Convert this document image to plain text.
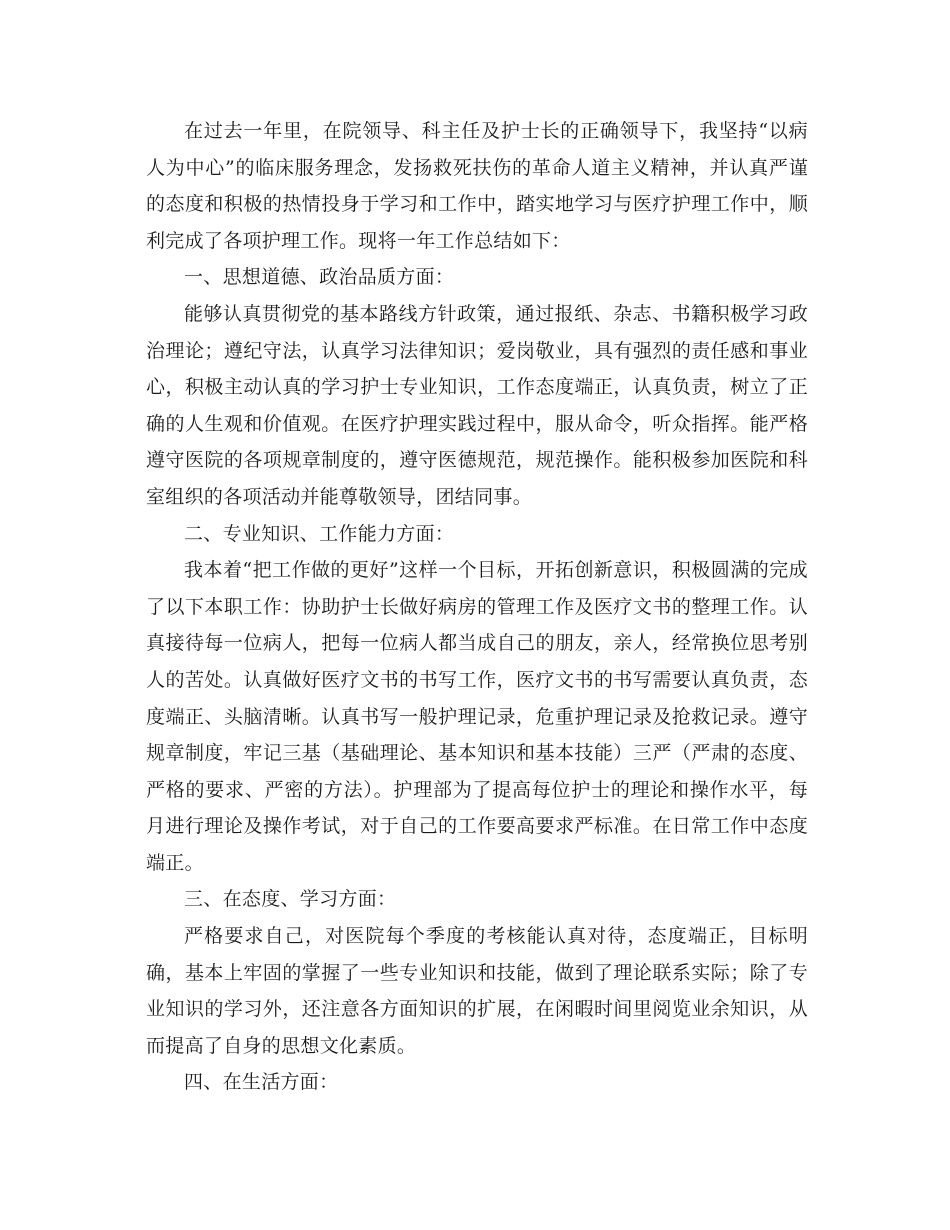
在过去一年里，在院领导、科主任及护士长的正确领导下，我坚持“以病人为中心”的临床服务理念，发扬救死扶伤的革命人道主义精神，并认真严谨的态度和积极的热情投身于学习和工作中，踏实地学习与医疗护理工作中，顺利完成了各项护理工作。现将一年工作总结如下：

一、思想道德、政治品质方面：

能够认真贯彻党的基本路线方针政策，通过报纸、杂志、书籍积极学习政治理论；遵纪守法，认真学习法律知识；爱岗敬业，具有强烈的责任感和事业心，积极主动认真的学习护士专业知识，工作态度端正，认真负责，树立了正确的人生观和价值观。在医疗护理实践过程中，服从命令，听众指挥。能严格遵守医院的各项规章制度的，遵守医德规范，规范操作。能积极参加医院和科室组织的各项活动并能尊敬领导，团结同事。

二、专业知识、工作能力方面：

我本着“把工作做的更好”这样一个目标，开拓创新意识，积极圆满的完成了以下本职工作：协助护士长做好病房的管理工作及医疗文书的整理工作。认真接待每一位病人，把每一位病人都当成自己的朋友，亲人，经常换位思考别人的苦处。认真做好医疗文书的书写工作，医疗文书的书写需要认真负责，态度端正、头脑清晰。认真书写一般护理记录，危重护理记录及抢救记录。遵守规章制度，牢记三基（基础理论、基本知识和基本技能）三严（严肃的态度、严格的要求、严密的方法）。护理部为了提高每位护士的理论和操作水平，每月进行理论及操作考试，对于自己的工作要高要求严标准。在日常工作中态度端正。

三、在态度、学习方面：

严格要求自己，对医院每个季度的考核能认真对待，态度端正，目标明确，基本上牢固的掌握了一些专业知识和技能，做到了理论联系实际；除了专业知识的学习外，还注意各方面知识的扩展，在闲暇时间里阅览业余知识，从而提高了自身的思想文化素质。

四、在生活方面：
